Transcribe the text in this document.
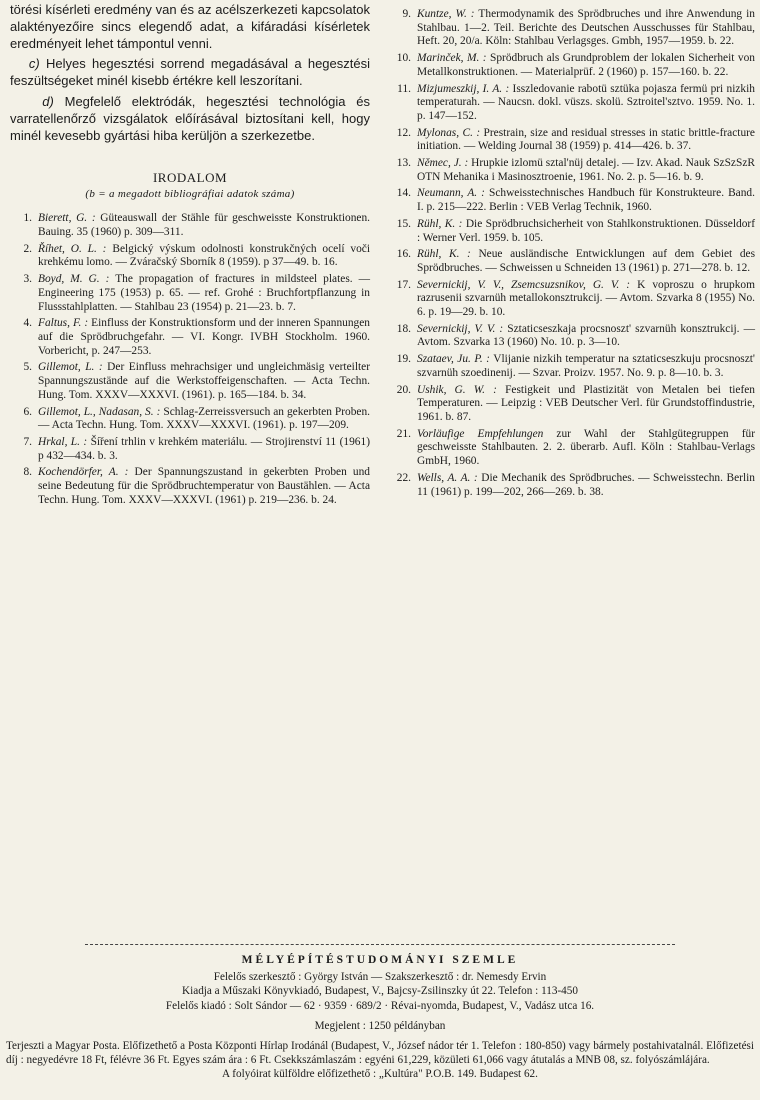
törési kísérleti eredmény van és az acélszerkezeti kapcsolatok alaktényezőire sincs elegendő adat, a kifáradási kísérletek eredményeit lehet támpontul venni.

c) Helyes hegesztési sorrend megadásával a hegesztési feszültségeket minél kisebb értékre kell leszorítani.

d) Megfelelő elektródák, hegesztési technológia és varratellenőrző vizsgálatok előírásával biztosítani kell, hogy minél kevesebb gyártási hiba kerüljön a szerkezetbe.

IRODALOM
(b = a megadott bibliográfiai adatok száma)
1. Bierett, G. : Güteauswall der Stähle für geschweisste Konstruktionen. Bauing. 35 (1960) p. 309—311.
2. Říhet, O. L. : Belgický výskum odolnosti konstrukčných ocelí voči krehkému lomo. — Zváračský Sborník 8 (1959). p 37—49. b. 16.
3. Boyd, M. G. : The propagation of fractures in mildsteel plates. — Engineering 175 (1953) p. 65. — ref. Grohé : Bruchfortpflanzung in Flussstahlplatten. — Stahlbau 23 (1954) p. 21—23. b. 7.
4. Faltus, F. : Einfluss der Konstruktionsform und der inneren Spannungen auf die Sprödbruchgefahr. — VI. Kongr. IVBH Stockholm. 1960. Vorbericht, p. 247—253.
5. Gillemot, L. : Der Einfluss mehrachsiger und ungleichmäsig verteilter Spannungszustände auf die Werkstoffeigenschaften. — Acta Techn. Hung. Tom. XXXV—XXXVI. (1961). p. 165—184. b. 34.
6. Gillemot, L., Nadasan, S. : Schlag-Zerreissversuch an gekerbten Proben. — Acta Techn. Hung. Tom. XXXV—XXXVI. (1961). p. 197—209.
7. Hrkal, L. : Šíření trhlin v krehkém materiálu. — Strojirenství 11 (1961) p 432—434. b. 3.
8. Kochendörfer, A. : Der Spannungszustand in gekerbten Proben und seine Bedeutung für die Sprödbruchtemperatur von Baustählen. — Acta Techn. Hung. Tom. XXXV—XXXVI. (1961) p. 219—236. b. 24.
9. Kuntze, W. : Thermodynamik des Sprödbruches und ihre Anwendung in Stahlbau. 1—2. Teil. Berichte des Deutschen Ausschusses für Stahlbau, Heft. 20, 20/a. Köln: Stahlbau Verlagsges. Gmbh, 1957—1959. b. 22.
10. Marinček, M. : Sprödbruch als Grundproblem der lokalen Sicherheit von Metallkonstruktionen. — Materialprüf. 2 (1960) p. 157—160. b. 22.
11. Mizjumeszkij, I. A. : Isszledovanie rabotü sztüka pojasza fermü pri nizkih temperaturah. — Naucsn. dokl. vüszs. skolü. Sztroitel'sztvo. 1959. No. 1. p. 147—152.
12. Mylonas, C. : Prestrain, size and residual stresses in static brittle-fracture initiation. — Welding Journal 38 (1959) p. 414—426. b. 37.
13. Němec, J. : Hrupkie izlomü sztal'nüj detalej. — Izv. Akad. Nauk SzSzSzR OTN Mehanika i Masinosztroenie, 1961. No. 2. p. 5—16. b. 9.
14. Neumann, A. : Schweisstechnisches Handbuch für Konstrukteure. Band. I. p. 215—222. Berlin : VEB Verlag Technik, 1960.
15. Rühl, K. : Die Sprödbruchsicherheit von Stahlkonstruktionen. Düsseldorf : Werner Verl. 1959. b. 105.
16. Rühl, K. : Neue ausländische Entwicklungen auf dem Gebiet des Sprödbruches. — Schweissen u Schneiden 13 (1961) p. 271—278. b. 12.
17. Severnickij, V. V., Zsemcsuzsnikov, G. V. : K voproszu o hrupkom razrusenii szvarnüh metallokonsztrukcij. — Avtom. Szvarka 8 (1955) No. 6. p. 19—29. b. 10.
18. Severnickij, V. V. : Sztaticseszkaja procsnoszt' szvarnüh konsztrukcij. — Avtom. Szvarka 13 (1960) No. 10. p. 3—10.
19. Szataev, Ju. P. : Vlijanie nizkih temperatur na sztaticseszkuju procsnoszt' szvarnüh szoedinenij. — Szvar. Proizv. 1957. No. 9. p. 8—10. b. 3.
20. Ushik, G. W. : Festigkeit und Plastizität von Metalen bei tiefen Temperaturen. — Leipzig : VEB Deutscher Verl. für Grundstoffindustrie, 1961. b. 87.
21. Vorläufige Empfehlungen zur Wahl der Stahlgütegruppen für geschweisste Stahlbauten. 2. 2. überarb. Aufl. Köln : Stahlbau-Verlags GmbH, 1960.
22. Wells, A. A. : Die Mechanik des Sprödbruches. — Schweisstechn. Berlin 11 (1961) p. 199—202, 266—269. b. 38.
MÉLYÉPÍTÉSTUDOMÁNYI SZEMLE

Felelős szerkesztő : György István — Szakszerkesztő : dr. Nemesdy Ervin

Kiadja a Műszaki Könyvkiadó, Budapest, V., Bajcsy-Zsilinszky út 22. Telefon : 113-450

Felelős kiadó : Solt Sándor — 62 · 9359 · 689/2 · Révai-nyomda, Budapest, V., Vadász utca 16.

Megjelent : 1250 példányban

Terjeszti a Magyar Posta. Előfizethető a Posta Központi Hírlap Irodánál (Budapest, V., József nádor tér 1. Telefon : 180-850) vagy bármely postahivatalnál. Előfizetési díj : negyedévre 18 Ft, félévre 36 Ft. Egyes szám ára : 6 Ft. Csekkszámlaszám : egyéni 61,229, közületi 61,066 vagy átutalás a MNB 08, sz. folyószámlájára.

A folyóirat külföldre előfizethető : „Kultúra" P.O.B. 149. Budapest 62.
